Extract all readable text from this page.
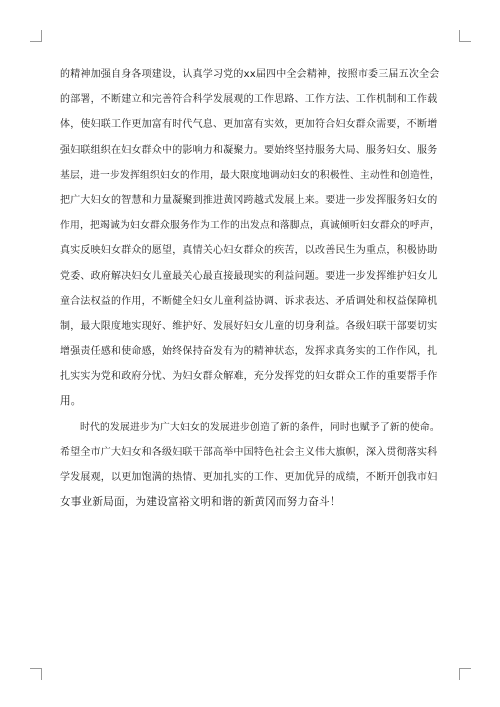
的精神加强自身各项建设，认真学习党的xx届四中全会精神，按照市委三届五次全会
的部署，不断建立和完善符合科学发展观的工作思路、工作方法、工作机制和工作载
体，使妇联工作更加富有时代气息、更加富有实效，更加符合妇女群众需要，不断增
强妇联组织在妇女群众中的影响力和凝聚力。要始终坚持服务大局、服务妇女、服务
基层，进一步发挥组织妇女的作用，最大限度地调动妇女的积极性、主动性和创造性，
把广大妇女的智慧和力量凝聚到推进黄冈跨越式发展上来。要进一步发挥服务妇女的
作用，把竭诚为妇女群众服务作为工作的出发点和落脚点，真诚倾听妇女群众的呼声，
真实反映妇女群众的愿望，真情关心妇女群众的疾苦，以改善民生为重点，积极协助
党委、政府解决妇女儿童最关心最直接最现实的利益问题。要进一步发挥维护妇女儿
童合法权益的作用，不断健全妇女儿童利益协调、诉求表达、矛盾调处和权益保障机
制，最大限度地实现好、维护好、发展好妇女儿童的切身利益。各级妇联干部要切实
增强责任感和使命感，始终保持奋发有为的精神状态，发挥求真务实的工作作风，扎
扎实实为党和政府分忧、为妇女群众解难，充分发挥党的妇女群众工作的重要帮手作
用。
时代的发展进步为广大妇女的发展进步创造了新的条件，同时也赋予了新的使命。
希望全市广大妇女和各级妇联干部高举中国特色社会主义伟大旗帜，深入贯彻落实科
学发展观，以更加饱满的热情、更加扎实的工作、更加优异的成绩，不断开创我市妇
女事业新局面，为建设富裕文明和谐的新黄冈而努力奋斗！
